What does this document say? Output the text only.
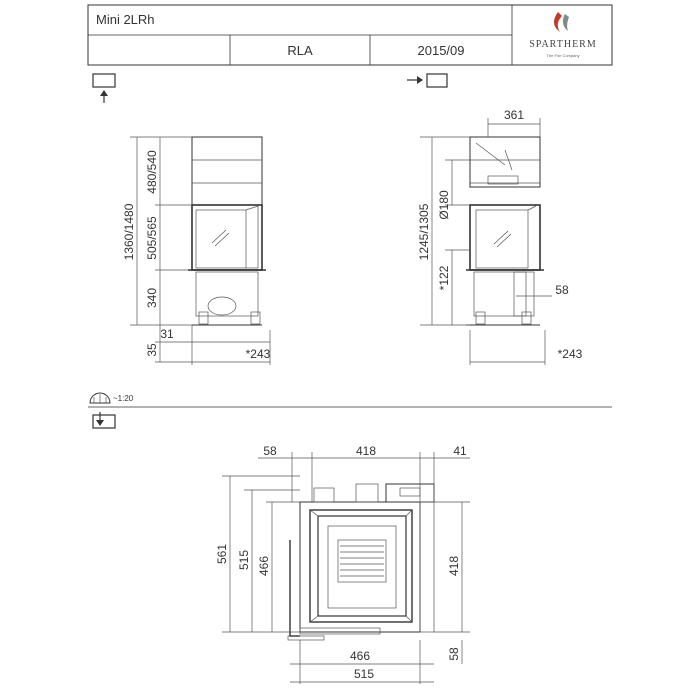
Mini 2LRh
RLA	2015/09	SPARTHERM
The Fire Company
1360/1480
480/540
505/565
340
35
31
*243
361
1245/1305 Ø180
*122	58
*243
~1:20
58	418	41
561 515 466	418
58
466
515
